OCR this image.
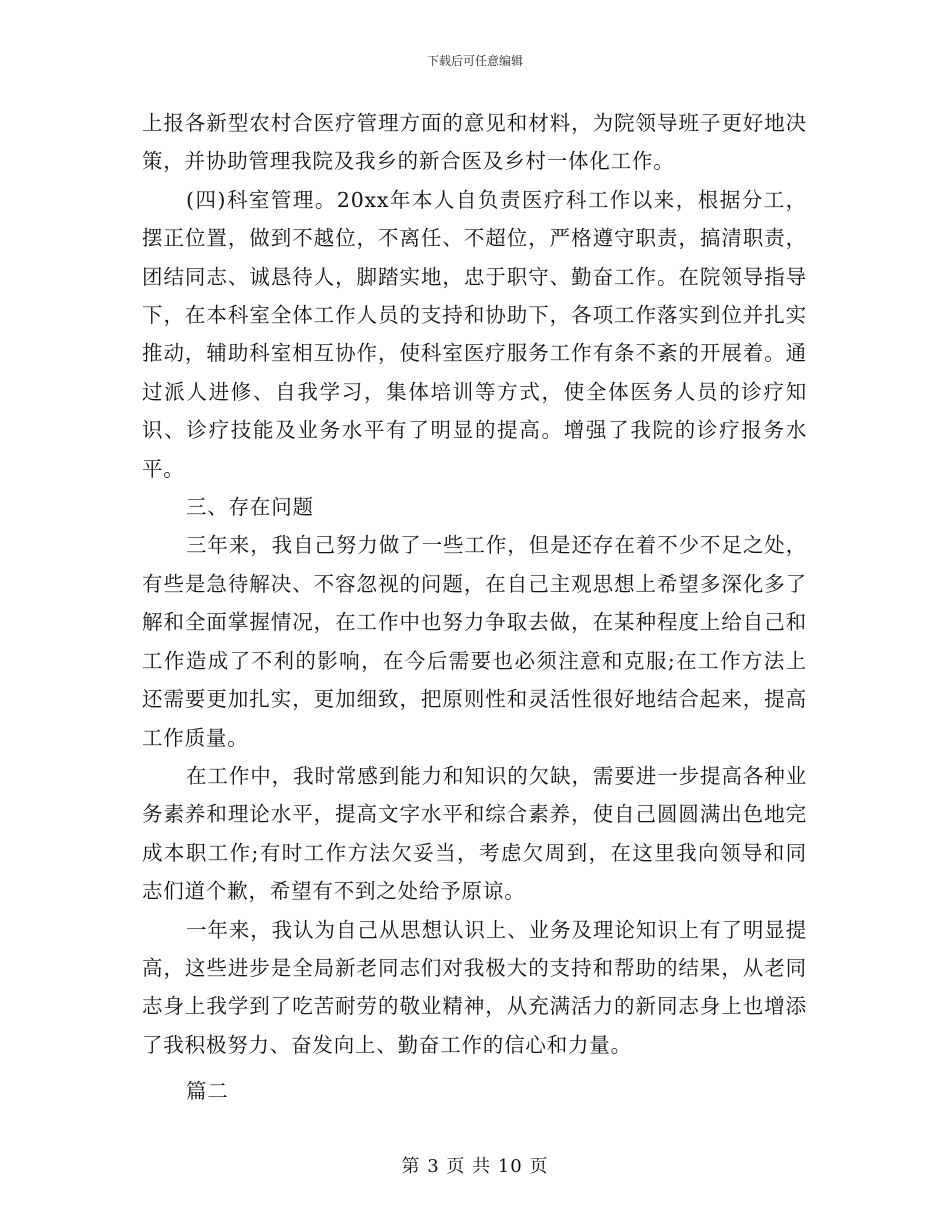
下载后可任意编辑

上报各新型农村合医疗管理方面的意见和材料，为院领导班子更好地决策，并协助管理我院及我乡的新合医及乡村一体化工作。

(四)科室管理。20xx年本人自负责医疗科工作以来，根据分工，摆正位置，做到不越位，不离任、不超位，严格遵守职责，搞清职责，团结同志、诚恳待人，脚踏实地，忠于职守、勤奋工作。在院领导指导下，在本科室全体工作人员的支持和协助下，各项工作落实到位并扎实推动，辅助科室相互协作，使科室医疗服务工作有条不紊的开展着。通过派人进修、自我学习，集体培训等方式，使全体医务人员的诊疗知识、诊疗技能及业务水平有了明显的提高。增强了我院的诊疗报务水平。

三、存在问题

三年来，我自己努力做了一些工作，但是还存在着不少不足之处，有些是急待解决、不容忽视的问题，在自己主观思想上希望多深化多了解和全面掌握情况，在工作中也努力争取去做，在某种程度上给自己和工作造成了不利的影响，在今后需要也必须注意和克服;在工作方法上还需要更加扎实，更加细致，把原则性和灵活性很好地结合起来，提高工作质量。

在工作中，我时常感到能力和知识的欠缺，需要进一步提高各种业务素养和理论水平，提高文字水平和综合素养，使自己圆圆满出色地完成本职工作;有时工作方法欠妥当，考虑欠周到，在这里我向领导和同志们道个歉，希望有不到之处给予原谅。

一年来，我认为自己从思想认识上、业务及理论知识上有了明显提高，这些进步是全局新老同志们对我极大的支持和帮助的结果，从老同志身上我学到了吃苦耐劳的敬业精神，从充满活力的新同志身上也增添了我积极努力、奋发向上、勤奋工作的信心和力量。

篇二

第 3 页 共 10 页
